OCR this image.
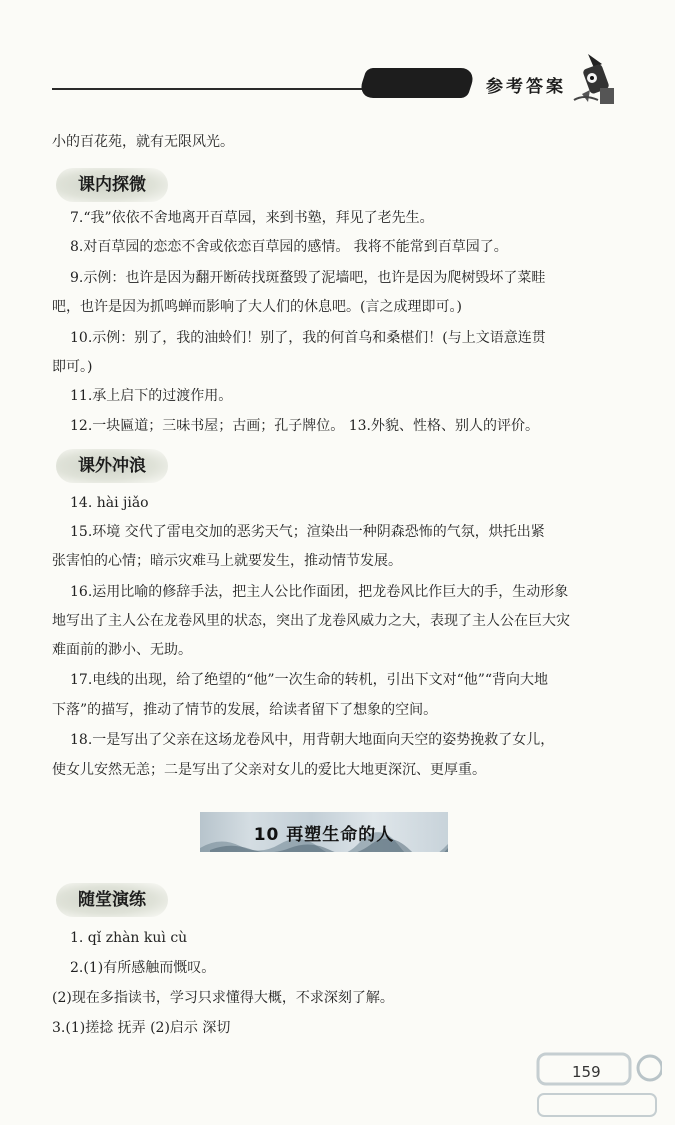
参考答案
小的百花苑，就有无限风光。
课内探微
7.“我”依依不舍地离开百草园，来到书塾，拜见了老先生。
8.对百草园的恋恋不舍或依恋百草园的感情。 我将不能常到百草园了。
9.示例：也许是因为翻开断砖找斑蝥毁了泥墙吧，也许是因为爬树毁坏了菜畦
吧，也许是因为抓鸣蝉而影响了大人们的休息吧。(言之成理即可。)
10.示例：别了，我的油蛉们！别了，我的何首乌和桑椹们！(与上文语意连贯
即可。)
11.承上启下的过渡作用。
12.一块匾道；三味书屋；古画；孔子牌位。 13.外貌、性格、别人的评价。
课外冲浪
14. hài jiǎo
15.环境 交代了雷电交加的恶劣天气；渲染出一种阴森恐怖的气氛，烘托出紧
张害怕的心情；暗示灾难马上就要发生，推动情节发展。
16.运用比喻的修辞手法，把主人公比作面团，把龙卷风比作巨大的手，生动形象
地写出了主人公在龙卷风里的状态，突出了龙卷风威力之大，表现了主人公在巨大灾
难面前的渺小、无助。
17.电线的出现，给了绝望的“他”一次生命的转机，引出下文对“他”“背向大地
下落”的描写，推动了情节的发展，给读者留下了想象的空间。
18.一是写出了父亲在这场龙卷风中，用背朝大地面向天空的姿势挽救了女儿，
使女儿安然无恙；二是写出了父亲对女儿的爱比大地更深沉、更厚重。
10 再塑生命的人
随堂演练
1. qǐ zhàn kuì cù
2.(1)有所感触而慨叹。
(2)现在多指读书，学习只求懂得大概，不求深刻了解。
3.(1)搓捻 抚弄 (2)启示 深切
159
